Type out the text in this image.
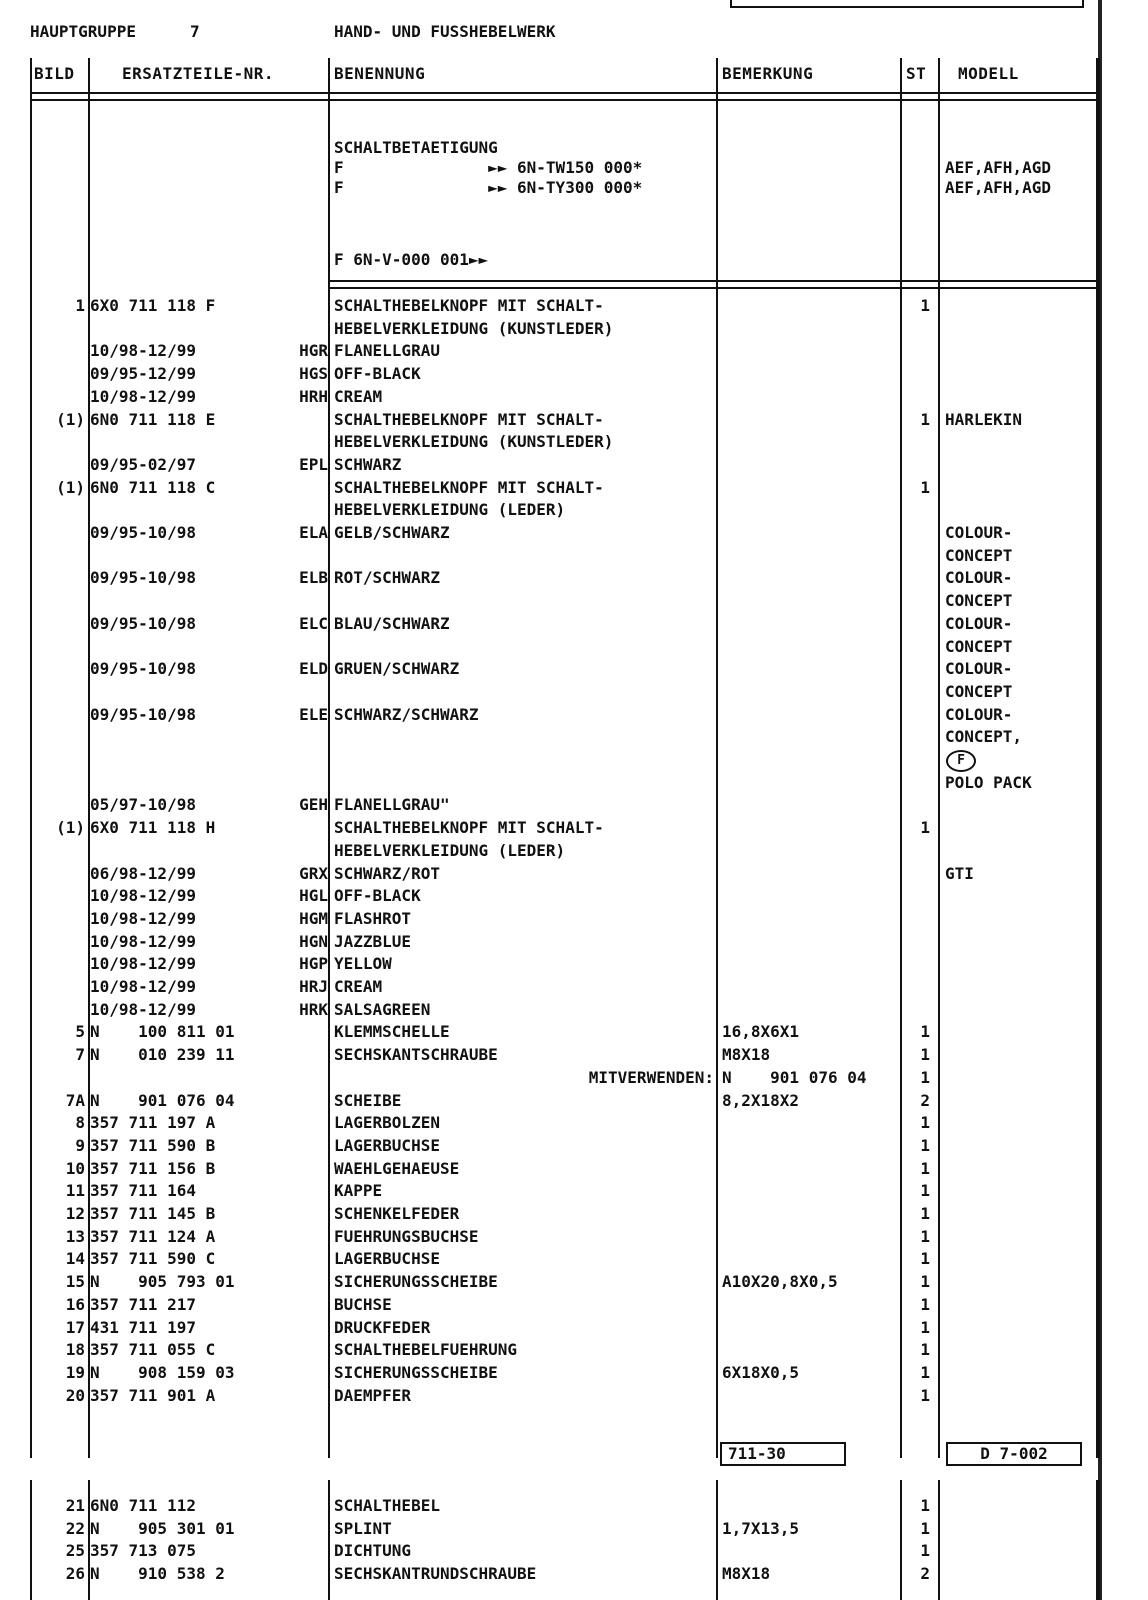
HAUPTGRUPPE	7	HAND- UND FUSSHEBELWERK
BILD	ERSATZTEILE-NR.	BENENNUNG	BEMERKUNG	ST MODELL
SCHALTBETAETIGUNG
F               ►► 6N-TW150 000*	AEF,AFH,AGD
F               ►► 6N-TY300 000*	AEF,AFH,AGD
F 6N-V-000 001►►
1 6X0 711 118 F	SCHALTHEBELKNOPF MIT SCHALT-	1
HEBELVERKLEIDUNG (KUNSTLEDER)
10/98-12/99	HGR FLANELLGRAU
09/95-12/99	HGS OFF-BLACK
10/98-12/99	HRH CREAM
(1) 6N0 711 118 E	SCHALTHEBELKNOPF MIT SCHALT-	1 HARLEKIN
HEBELVERKLEIDUNG (KUNSTLEDER)
09/95-02/97	EPL SCHWARZ
(1) 6N0 711 118 C	SCHALTHEBELKNOPF MIT SCHALT-	1
HEBELVERKLEIDUNG (LEDER)
09/95-10/98	ELA GELB/SCHWARZ	COLOUR-
CONCEPT
09/95-10/98	ELB ROT/SCHWARZ	COLOUR-
CONCEPT
09/95-10/98	ELC BLAU/SCHWARZ	COLOUR-
CONCEPT
09/95-10/98	ELD GRUEN/SCHWARZ	COLOUR-
CONCEPT
09/95-10/98	ELE SCHWARZ/SCHWARZ	COLOUR-
CONCEPT,
POLO PACK
05/97-10/98	GEH FLANELLGRAU"
(1) 6X0 711 118 H	SCHALTHEBELKNOPF MIT SCHALT-	1
HEBELVERKLEIDUNG (LEDER)
06/98-12/99	GRX SCHWARZ/ROT	GTI
10/98-12/99	HGL OFF-BLACK
10/98-12/99	HGM FLASHROT
10/98-12/99	HGN JAZZBLUE
10/98-12/99	HGP YELLOW
10/98-12/99	HRJ CREAM
10/98-12/99	HRK SALSAGREEN
5 N    100 811 01	KLEMMSCHELLE	16,8X6X1	1
7 N    010 239 11	SECHSKANTSCHRAUBE	M8X18	1
MITVERWENDEN: N    901 076 04	1
7A N    901 076 04	SCHEIBE	8,2X18X2	2
8 357 711 197 A	LAGERBOLZEN	1
9 357 711 590 B	LAGERBUCHSE	1
10 357 711 156 B	WAEHLGEHAEUSE	1
11 357 711 164	KAPPE	1
12 357 711 145 B	SCHENKELFEDER	1
13 357 711 124 A	FUEHRUNGSBUCHSE	1
14 357 711 590 C	LAGERBUCHSE	1
15 N    905 793 01	SICHERUNGSSCHEIBE	A10X20,8X0,5	1
16 357 711 217	BUCHSE	1
17 431 711 197	DRUCKFEDER	1
18 357 711 055 C	SCHALTHEBELFUEHRUNG	1
19 N    908 159 03	SICHERUNGSSCHEIBE	6X18X0,5	1
20 357 711 901 A	DAEMPFER	1
F
711-30	D 7-002
21 6N0 711 112	SCHALTHEBEL	1
22 N    905 301 01	SPLINT	1,7X13,5	1
25 357 713 075	DICHTUNG	1
26 N    910 538 2	SECHSKANTRUNDSCHRAUBE	M8X18	2
